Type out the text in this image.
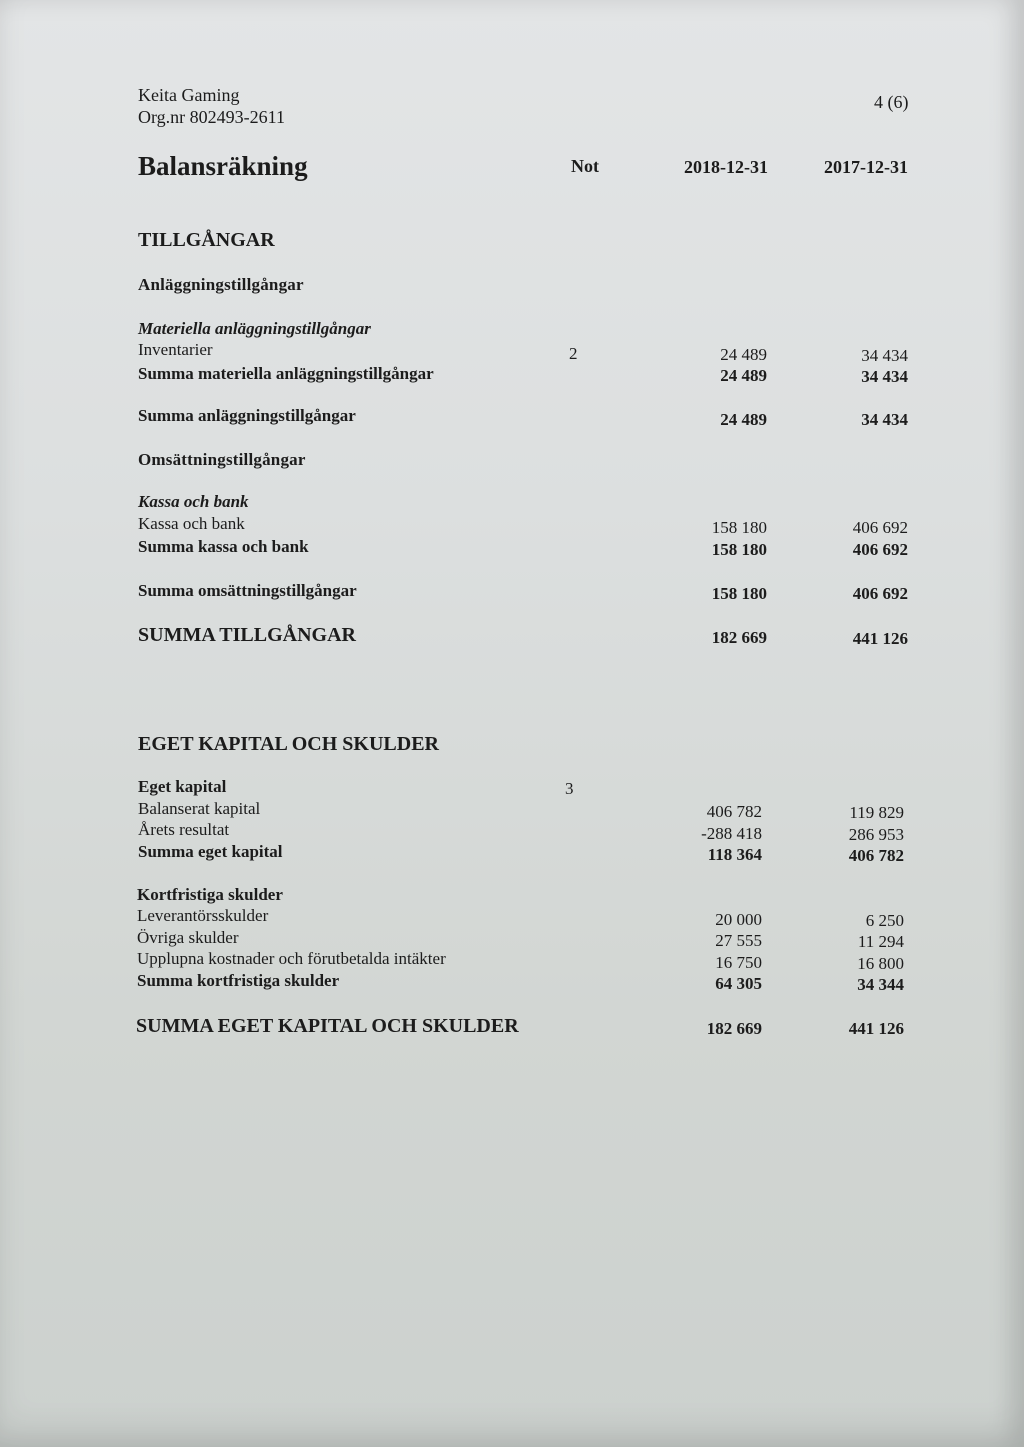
Keita Gaming
Org.nr 802493-2611
4 (6)
Balansräkning	Not	2018-12-31	2017-12-31
TILLGÅNGAR
Anläggningstillgångar
Materiella anläggningstillgångar
Inventarier	2	24 489	34 434
Summa materiella anläggningstillgångar	24 489	34 434
Summa anläggningstillgångar	24 489	34 434
Omsättningstillgångar
Kassa och bank
Kassa och bank	158 180	406 692
Summa kassa och bank	158 180	406 692
Summa omsättningstillgångar	158 180	406 692
SUMMA TILLGÅNGAR	182 669	441 126
EGET KAPITAL OCH SKULDER
Eget kapital	3
Balanserat kapital	406 782	119 829
Årets resultat	-288 418	286 953
Summa eget kapital	118 364	406 782
Kortfristiga skulder
Leverantörsskulder	20 000	6 250
Övriga skulder	27 555	11 294
Upplupna kostnader och förutbetalda intäkter	16 750	16 800
Summa kortfristiga skulder	64 305	34 344
SUMMA EGET KAPITAL OCH SKULDER	182 669	441 126
